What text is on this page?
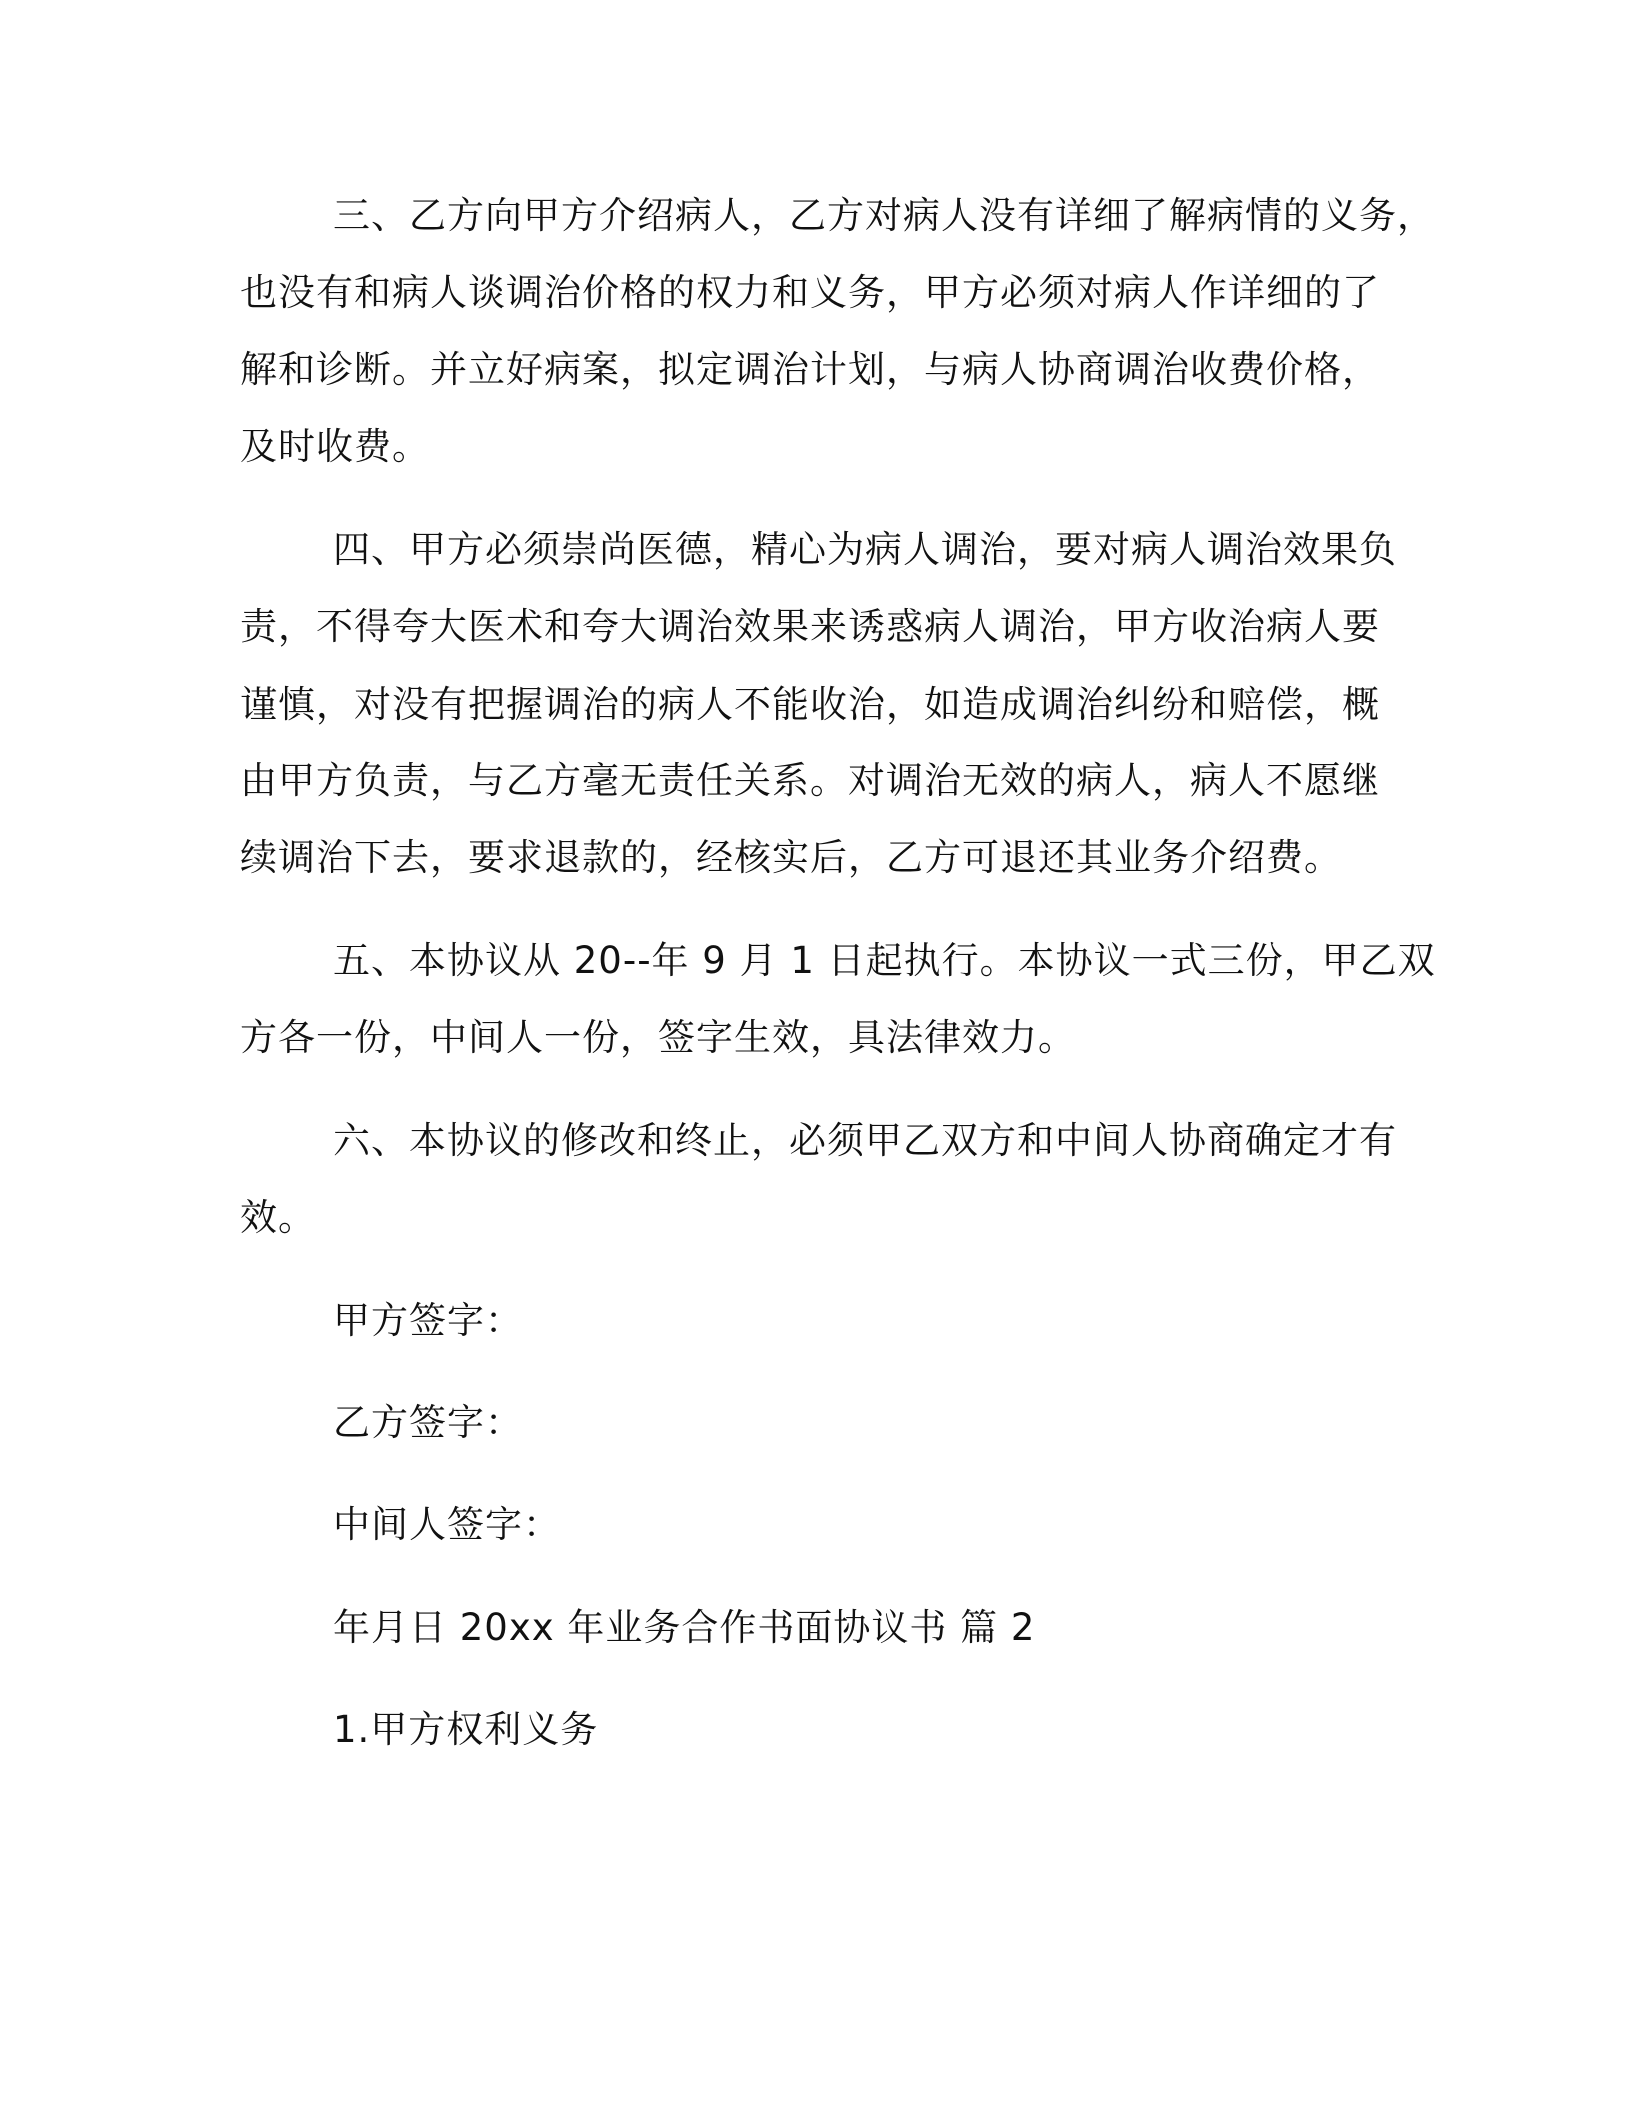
三、乙方向甲方介绍病人，乙方对病人没有详细了解病情的义务，
也没有和病人谈调治价格的权力和义务，甲方必须对病人作详细的了
解和诊断。并立好病案，拟定调治计划，与病人协商调治收费价格，
及时收费。
四、甲方必须崇尚医德，精心为病人调治，要对病人调治效果负
责，不得夸大医术和夸大调治效果来诱惑病人调治，甲方收治病人要
谨慎，对没有把握调治的病人不能收治，如造成调治纠纷和赔偿，概
由甲方负责，与乙方毫无责任关系。对调治无效的病人，病人不愿继
续调治下去，要求退款的，经核实后，乙方可退还其业务介绍费。
五、本协议从 20--年 9 月 1 日起执行。本协议一式三份，甲乙双
方各一份，中间人一份，签字生效，具法律效力。
六、本协议的修改和终止，必须甲乙双方和中间人协商确定才有
效。
甲方签字：
乙方签字：
中间人签字：
年月日 20xx 年业务合作书面协议书 篇 2
1.甲方权利义务
